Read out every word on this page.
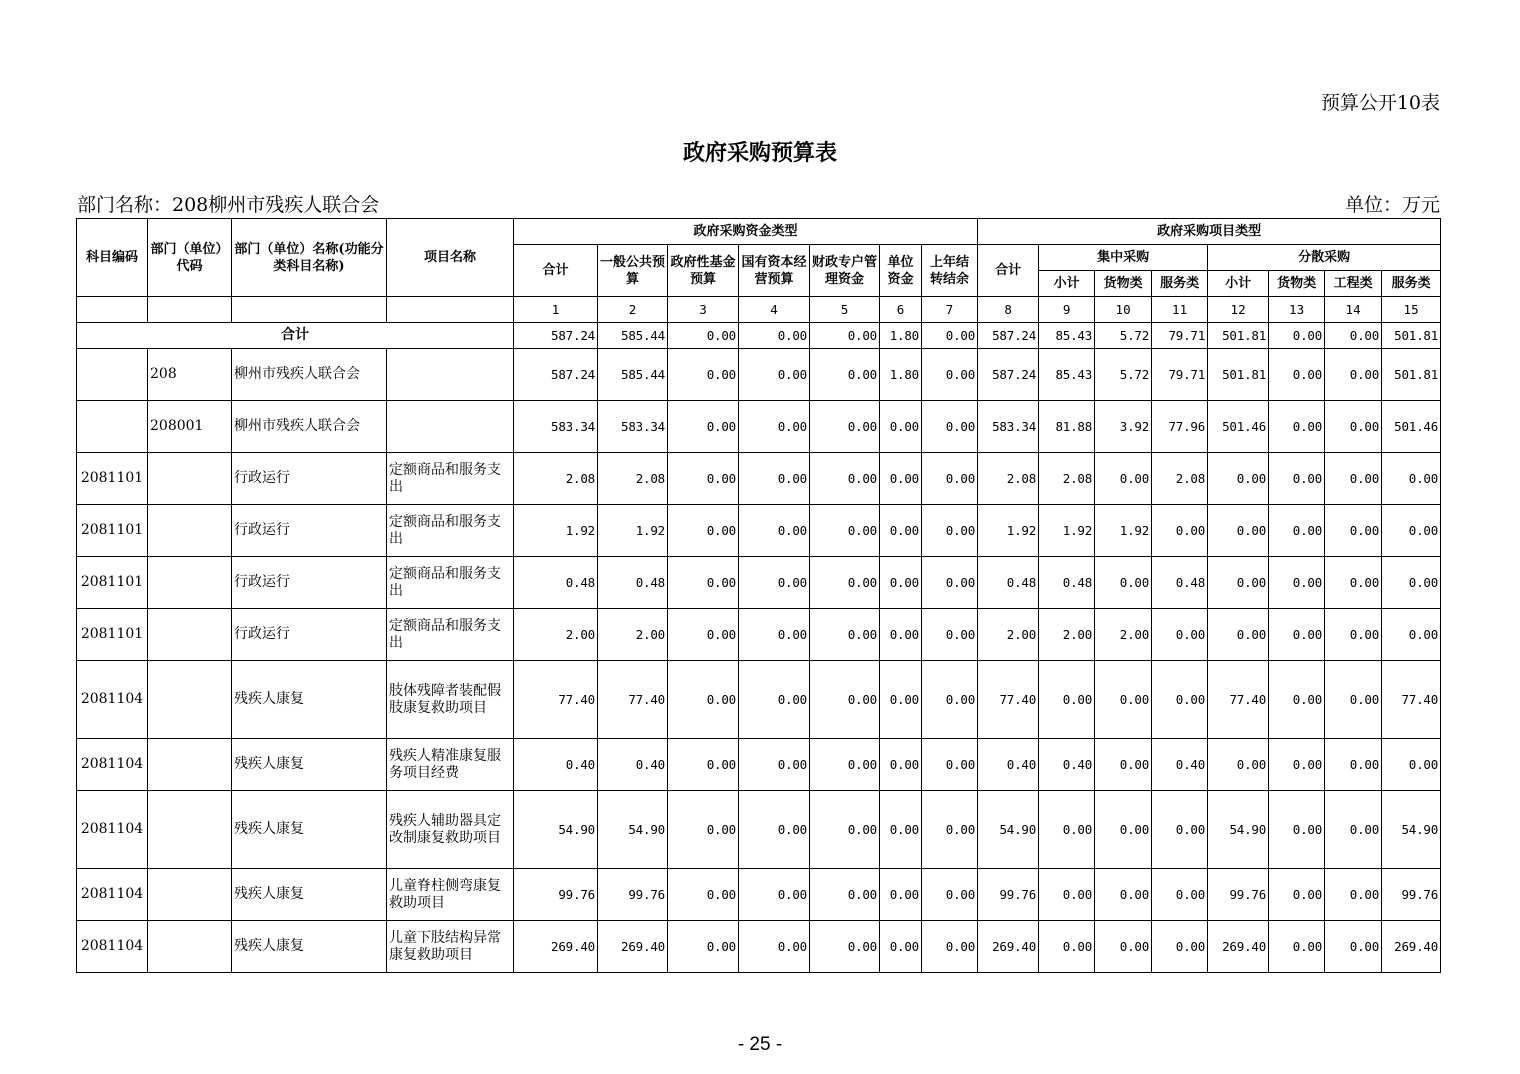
预算公开10表
政府采购预算表
部门名称：208柳州市残疾人联合会	单位：万元
科目编码	部门（单位）代码	部门（单位）名称(功能分类科目名称)	项目名称	政府采购资金类型							政府采购项目类型							
				合计	一般公共预算	政府性基金预算	国有资本经营预算	财政专户管理资金	单位资金	上年结转结余	合计	集中采购			分散采购			
												小计	货物类	服务类	小计	货物类	工程类	服务类
				1	2	3	4	5	6	7	8	9	10	11	12	13	14	15
合计				587.24	585.44	0.00	0.00	0.00	1.80	0.00	587.24	85.43	5.72	79.71	501.81	0.00	0.00	501.81
	208	柳州市残疾人联合会		587.24	585.44	0.00	0.00	0.00	1.80	0.00	587.24	85.43	5.72	79.71	501.81	0.00	0.00	501.81
	208001	柳州市残疾人联合会		583.34	583.34	0.00	0.00	0.00	0.00	0.00	583.34	81.88	3.92	77.96	501.46	0.00	0.00	501.46
2081101		行政运行	定额商品和服务支出	2.08	2.08	0.00	0.00	0.00	0.00	0.00	2.08	2.08	0.00	2.08	0.00	0.00	0.00	0.00
2081101		行政运行	定额商品和服务支出	1.92	1.92	0.00	0.00	0.00	0.00	0.00	1.92	1.92	1.92	0.00	0.00	0.00	0.00	0.00
2081101		行政运行	定额商品和服务支出	0.48	0.48	0.00	0.00	0.00	0.00	0.00	0.48	0.48	0.00	0.48	0.00	0.00	0.00	0.00
2081101		行政运行	定额商品和服务支出	2.00	2.00	0.00	0.00	0.00	0.00	0.00	2.00	2.00	2.00	0.00	0.00	0.00	0.00	0.00
2081104		残疾人康复	肢体残障者装配假肢康复救助项目	77.40	77.40	0.00	0.00	0.00	0.00	0.00	77.40	0.00	0.00	0.00	77.40	0.00	0.00	77.40
2081104		残疾人康复	残疾人精准康复服务项目经费	0.40	0.40	0.00	0.00	0.00	0.00	0.00	0.40	0.40	0.00	0.40	0.00	0.00	0.00	0.00
2081104		残疾人康复	残疾人辅助器具定改制康复救助项目	54.90	54.90	0.00	0.00	0.00	0.00	0.00	54.90	0.00	0.00	0.00	54.90	0.00	0.00	54.90
2081104		残疾人康复	儿童脊柱侧弯康复救助项目	99.76	99.76	0.00	0.00	0.00	0.00	0.00	99.76	0.00	0.00	0.00	99.76	0.00	0.00	99.76
2081104		残疾人康复	儿童下肢结构异常康复救助项目	269.40	269.40	0.00	0.00	0.00	0.00	0.00	269.40	0.00	0.00	0.00	269.40	0.00	0.00	269.40
- 25 -
